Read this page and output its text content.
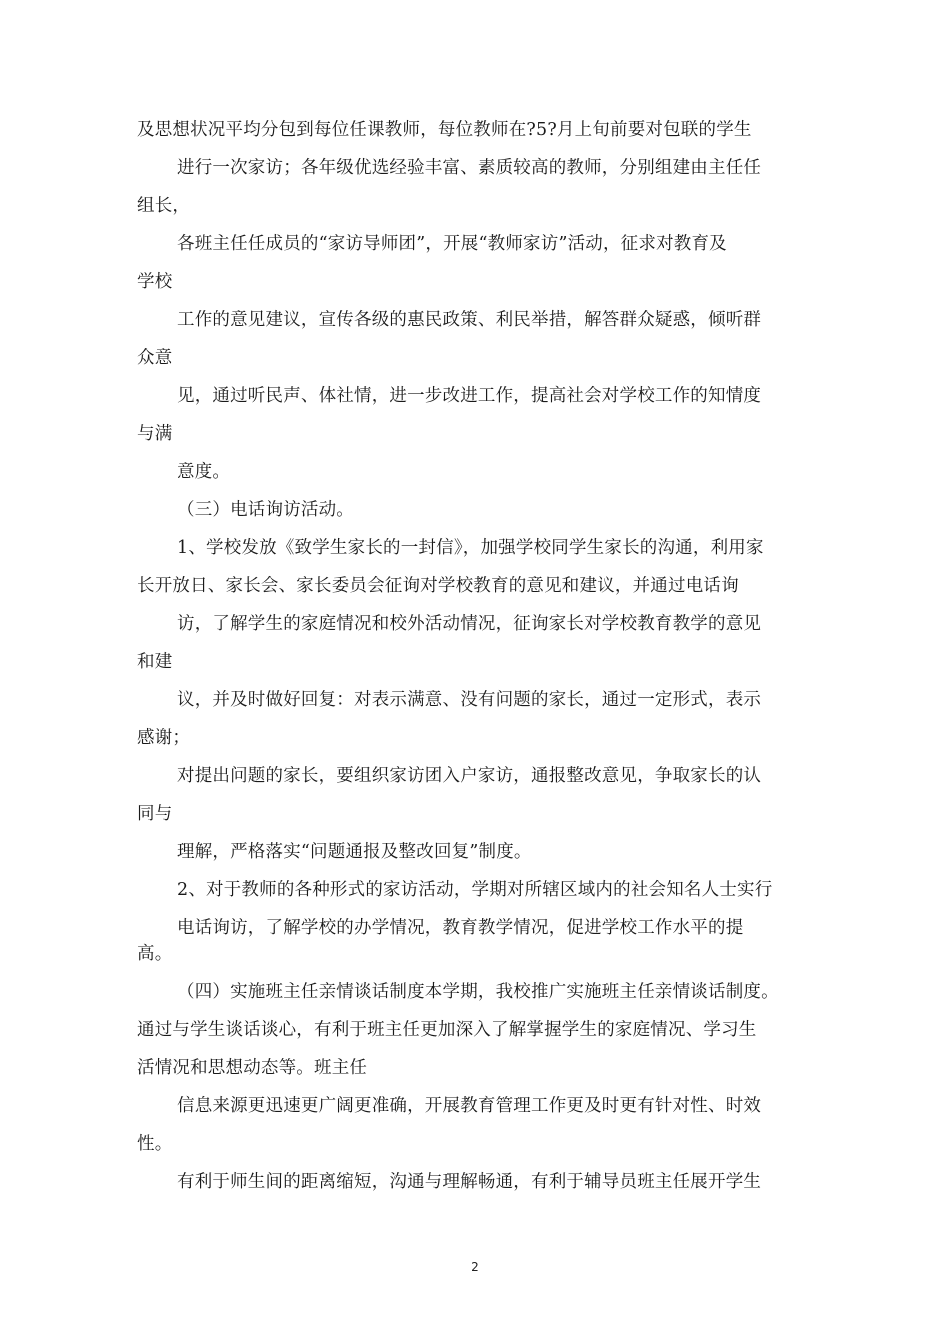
及思想状况平均分包到每位任课教师，每位教师在?5?月上旬前要对包联的学生
进行一次家访；各年级优选经验丰富、素质较高的教师，分别组建由主任任
组长，
各班主任任成员的“家访导师团”，开展“教师家访”活动，征求对教育及
学校
工作的意见建议，宣传各级的惠民政策、利民举措，解答群众疑惑，倾听群
众意
见，通过听民声、体社情，进一步改进工作，提高社会对学校工作的知情度
与满
意度。
（三）电话询访活动。
1、学校发放《致学生家长的一封信》，加强学校同学生家长的沟通，利用家
长开放日、家长会、家长委员会征询对学校教育的意见和建议，并通过电话询
访，了解学生的家庭情况和校外活动情况，征询家长对学校教育教学的意见
和建
议，并及时做好回复：对表示满意、没有问题的家长，通过一定形式，表示
感谢；
对提出问题的家长，要组织家访团入户家访，通报整改意见，争取家长的认
同与
理解，严格落实“问题通报及整改回复”制度。
2、对于教师的各种形式的家访活动，学期对所辖区域内的社会知名人士实行
电话询访，了解学校的办学情况，教育教学情况，促进学校工作水平的提
高。
（四）实施班主任亲情谈话制度本学期，我校推广实施班主任亲情谈话制度。
通过与学生谈话谈心，有利于班主任更加深入了解掌握学生的家庭情况、学习生
活情况和思想动态等。班主任
信息来源更迅速更广阔更准确，开展教育管理工作更及时更有针对性、时效
性。
有利于师生间的距离缩短，沟通与理解畅通，有利于辅导员班主任展开学生
2
